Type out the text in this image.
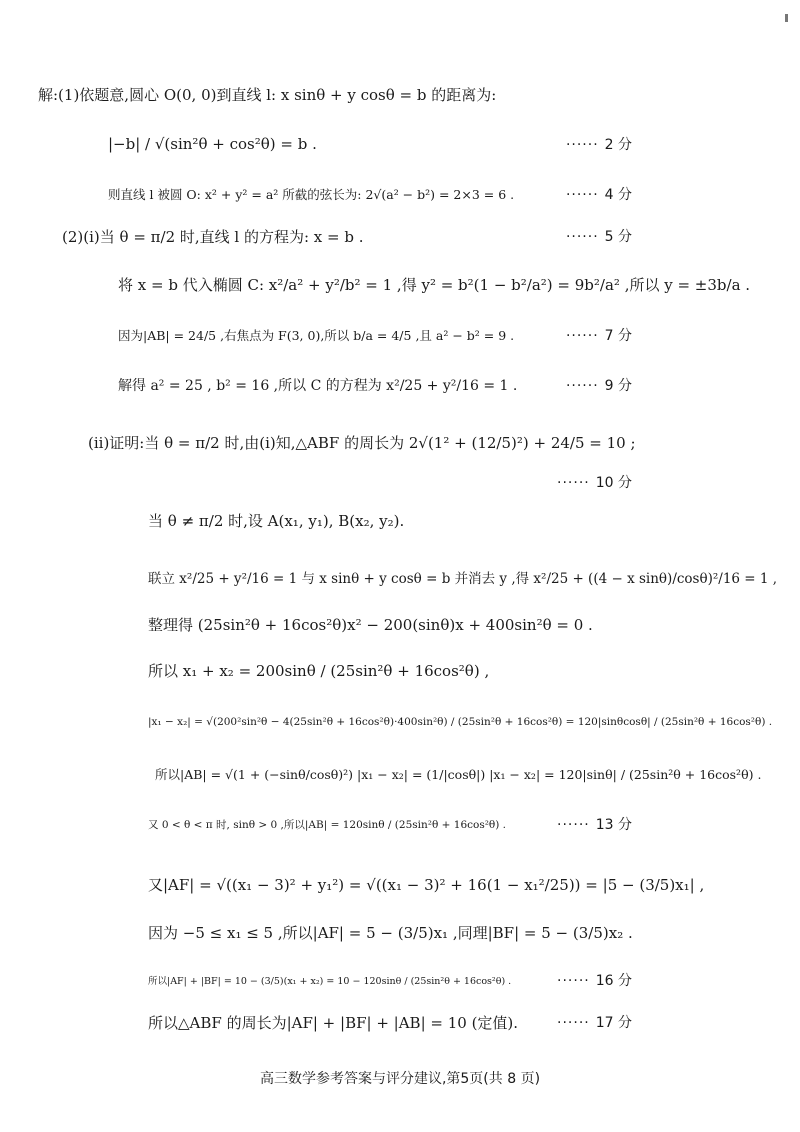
解:(1)依题意,圆心 O(0, 0)到直线 l: x sinθ + y cosθ = b 的距离为:
|−b| / √(sin²θ + cos²θ) = b .	······ 2 分
则直线 l 被圆 O: x² + y² = a² 所截的弦长为: 2√(a² − b²) = 2×3 = 6 .	······ 4 分
(2)(i)当 θ = π/2 时,直线 l 的方程为: x = b .	······ 5 分
将 x = b 代入椭圆 C: x²/a² + y²/b² = 1 ,得 y² = b²(1 − b²/a²) = 9b²/a² ,所以 y = ±3b/a .
因为|AB| = 24/5 ,右焦点为 F(3, 0),所以 b/a = 4/5 ,且 a² − b² = 9 .	······ 7 分
解得 a² = 25 , b² = 16 ,所以 C 的方程为 x²/25 + y²/16 = 1 .	······ 9 分
(ii)证明:当 θ = π/2 时,由(i)知,△ABF 的周长为 2√(1² + (12/5)²) + 24/5 = 10 ;
······ 10 分
当 θ ≠ π/2 时,设 A(x₁, y₁), B(x₂, y₂).
联立 x²/25 + y²/16 = 1 与 x sinθ + y cosθ = b 并消去 y ,得 x²/25 + ((4 − x sinθ)/cosθ)²/16 = 1 ,
整理得 (25sin²θ + 16cos²θ)x² − 200(sinθ)x + 400sin²θ = 0 .
所以 x₁ + x₂ = 200sinθ / (25sin²θ + 16cos²θ) ,
|x₁ − x₂| = √(200²sin²θ − 4(25sin²θ + 16cos²θ)·400sin²θ) / (25sin²θ + 16cos²θ) = 120|sinθcosθ| / (25sin²θ + 16cos²θ) .
所以|AB| = √(1 + (−sinθ/cosθ)²) |x₁ − x₂| = (1/|cosθ|) |x₁ − x₂| = 120|sinθ| / (25sin²θ + 16cos²θ) .
又 0 < θ < π 时, sinθ > 0 ,所以|AB| = 120sinθ / (25sin²θ + 16cos²θ) .	······ 13 分
又|AF| = √((x₁ − 3)² + y₁²) = √((x₁ − 3)² + 16(1 − x₁²/25)) = |5 − (3/5)x₁| ,
因为 −5 ≤ x₁ ≤ 5 ,所以|AF| = 5 − (3/5)x₁ ,同理|BF| = 5 − (3/5)x₂ .
所以|AF| + |BF| = 10 − (3/5)(x₁ + x₂) = 10 − 120sinθ / (25sin²θ + 16cos²θ) .	······ 16 分
所以△ABF 的周长为|AF| + |BF| + |AB| = 10 (定值).	······ 17 分
高三数学参考答案与评分建议,第5页(共 8 页)
